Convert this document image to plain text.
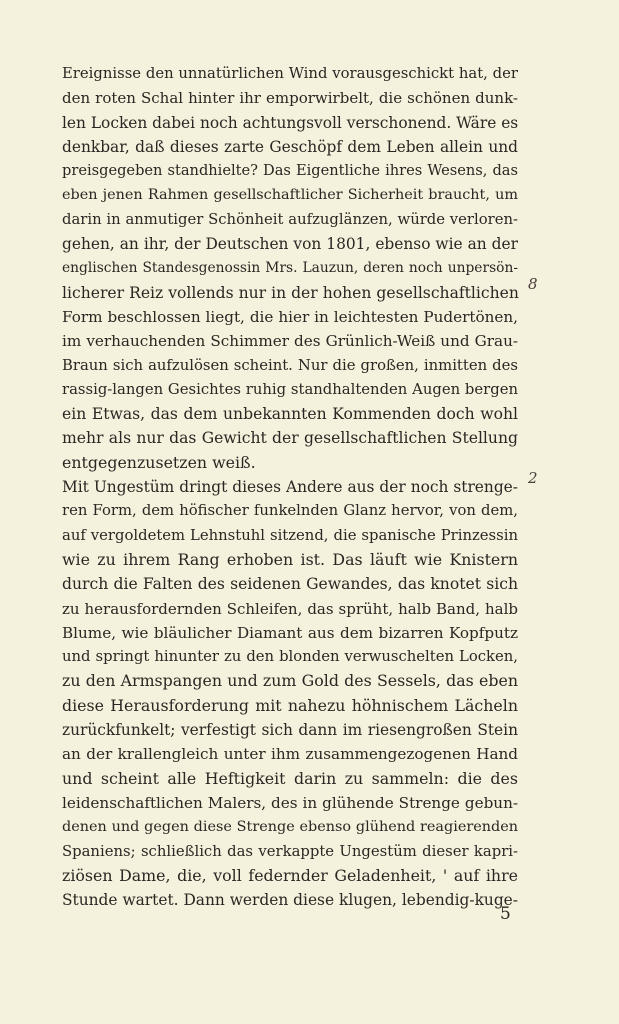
Ereignisse den unnatürlichen Wind vorausgeschickt hat, der
den roten Schal hinter ihr emporwirbelt, die schönen dunk-
len Locken dabei noch achtungsvoll verschonend. Wäre es
denkbar, daß dieses zarte Geschöpf dem Leben allein und
preisgegeben standhielte? Das Eigentliche ihres Wesens, das
eben jenen Rahmen gesellschaftlicher Sicherheit braucht, um
darin in anmutiger Schönheit aufzuglänzen, würde verloren-
gehen, an ihr, der Deutschen von 1801, ebenso wie an der
englischen Standesgenossin Mrs. Lauzun, deren noch unpersön-
licherer Reiz vollends nur in der hohen gesellschaftlichen
Form beschlossen liegt, die hier in leichtesten Pudertönen,
im verhauchenden Schimmer des Grünlich-Weiß und Grau-
Braun sich aufzulösen scheint. Nur die großen, inmitten des
rassig-langen Gesichtes ruhig standhaltenden Augen bergen
ein Etwas, das dem unbekannten Kommenden doch wohl
mehr als nur das Gewicht der gesellschaftlichen Stellung
entgegenzusetzen weiß.
Mit Ungestüm dringt dieses Andere aus der noch strenge-
ren Form, dem höfischer funkelnden Glanz hervor, von dem,
auf vergoldetem Lehnstuhl sitzend, die spanische Prinzessin
wie zu ihrem Rang erhoben ist. Das läuft wie Knistern
durch die Falten des seidenen Gewandes, das knotet sich
zu herausfordernden Schleifen, das sprüht, halb Band, halb
Blume, wie bläulicher Diamant aus dem bizarren Kopfputz
und springt hinunter zu den blonden verwuschelten Locken,
zu den Armspangen und zum Gold des Sessels, das eben
diese Herausforderung mit nahezu höhnischem Lächeln
zurückfunkelt; verfestigt sich dann im riesengroßen Stein
an der krallengleich unter ihm zusammengezogenen Hand
und scheint alle Heftigkeit darin zu sammeln: die des
leidenschaftlichen Malers, des in glühende Strenge gebun-
denen und gegen diese Strenge ebenso glühend reagierenden
Spaniens; schließlich das verkappte Ungestüm dieser kapri-
ziösen Dame, die, voll federnder Geladenheit, ' auf ihre
Stunde wartet. Dann werden diese klugen, lebendig-kuge-
8
2
5
